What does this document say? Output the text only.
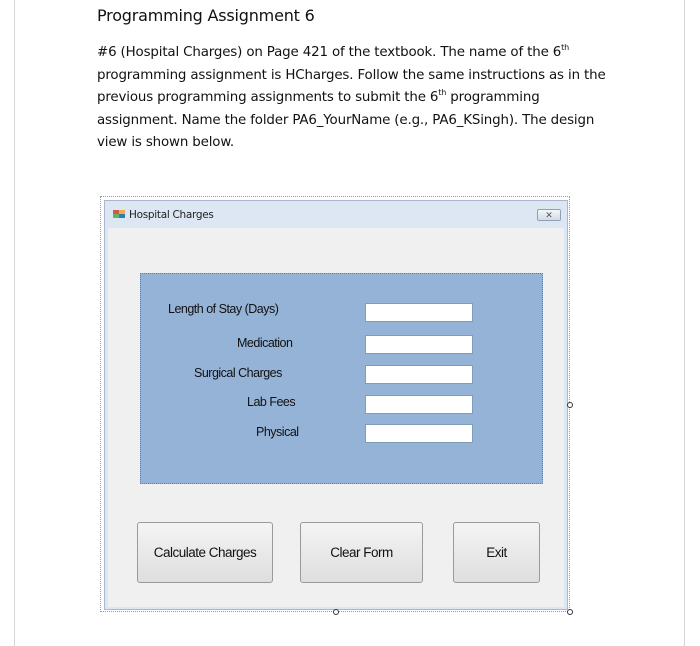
Programming Assignment 6
#6 (Hospital Charges) on Page 421 of the textbook. The name of the 6th
programming assignment is HCharges. Follow the same instructions as in the
previous programming assignments to submit the 6th programming
assignment. Name the folder PA6_YourName (e.g., PA6_KSingh). The design
view is shown below.
Hospital Charges	✕
Length of Stay (Days)
Medication
Surgical Charges
Lab Fees
Physical
Calculate Charges	Clear Form	Exit
